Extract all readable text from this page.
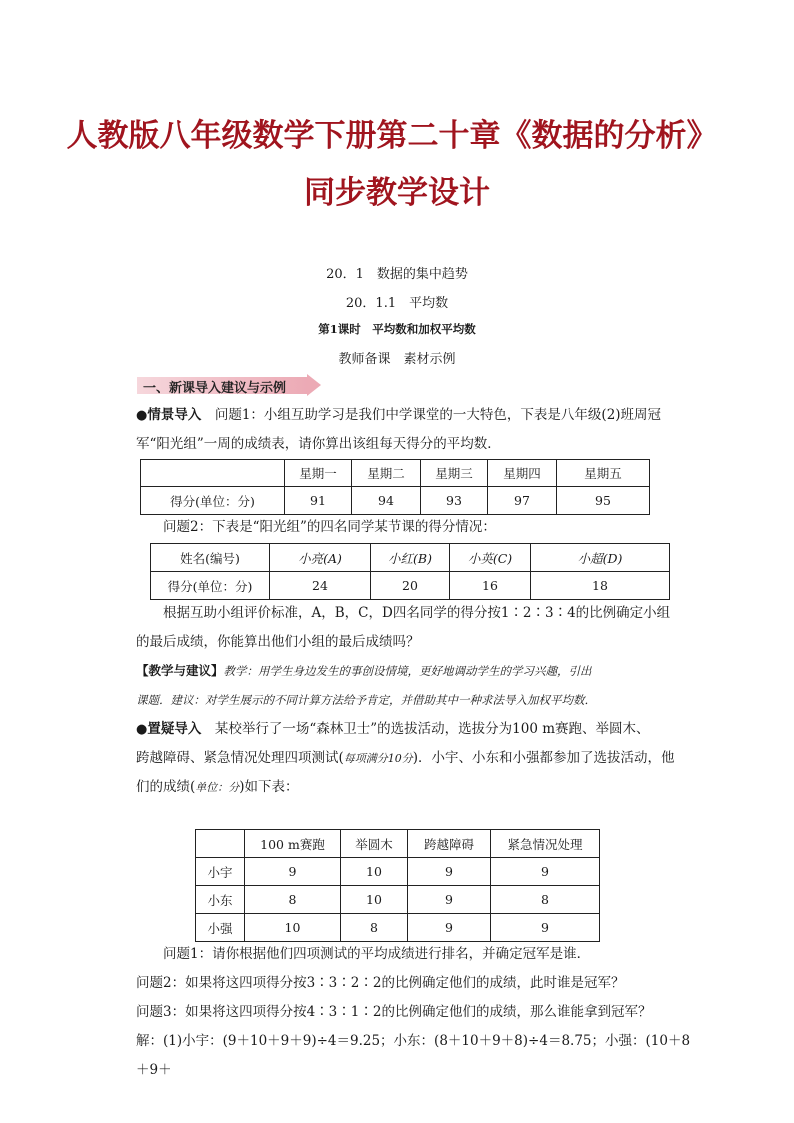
人教版八年级数学下册第二十章《数据的分析》
同步教学设计
20．1　数据的集中趋势
20．1.1　平均数
第1课时　平均数和加权平均数
教师备课　素材示例
一、新课导入建议与示例
●情景导入　问题1：小组互助学习是我们中学课堂的一大特色，下表是八年级(2)班周冠
军“阳光组”一周的成绩表，请你算出该组每天得分的平均数．
	星期一	星期二	星期三	星期四	星期五
得分(单位：分)	91	94	93	97	95
问题2：下表是“阳光组”的四名同学某节课的得分情况：
姓名(编号)	小亮(A)	小红(B)	小英(C)	小超(D)
得分(单位：分)	24	20	16	18
根据互助小组评价标准，A，B，C，D四名同学的得分按1∶2∶3∶4的比例确定小组
的最后成绩，你能算出他们小组的最后成绩吗？
【教学与建议】教学：用学生身边发生的事创设情境，更好地调动学生的学习兴趣，引出
课题．建议：对学生展示的不同计算方法给予肯定，并借助其中一种求法导入加权平均数．
●置疑导入　某校举行了一场“森林卫士”的选拔活动，选拔分为100 m赛跑、举圆木、
跨越障碍、紧急情况处理四项测试(每项满分10分)．小宇、小东和小强都参加了选拔活动，他
们的成绩(单位：分)如下表：
	100 m赛跑	举圆木	跨越障碍	紧急情况处理
小宇	9	10	9	9
小东	8	10	9	8
小强	10	8	9	9
问题1：请你根据他们四项测试的平均成绩进行排名，并确定冠军是谁．
问题2：如果将这四项得分按3∶3∶2∶2的比例确定他们的成绩，此时谁是冠军？
问题3：如果将这四项得分按4∶3∶1∶2的比例确定他们的成绩，那么谁能拿到冠军？
解：(1)小宇：(9＋10＋9＋9)÷4＝9.25；小东：(8＋10＋9＋8)÷4＝8.75；小强：(10＋8＋9＋
